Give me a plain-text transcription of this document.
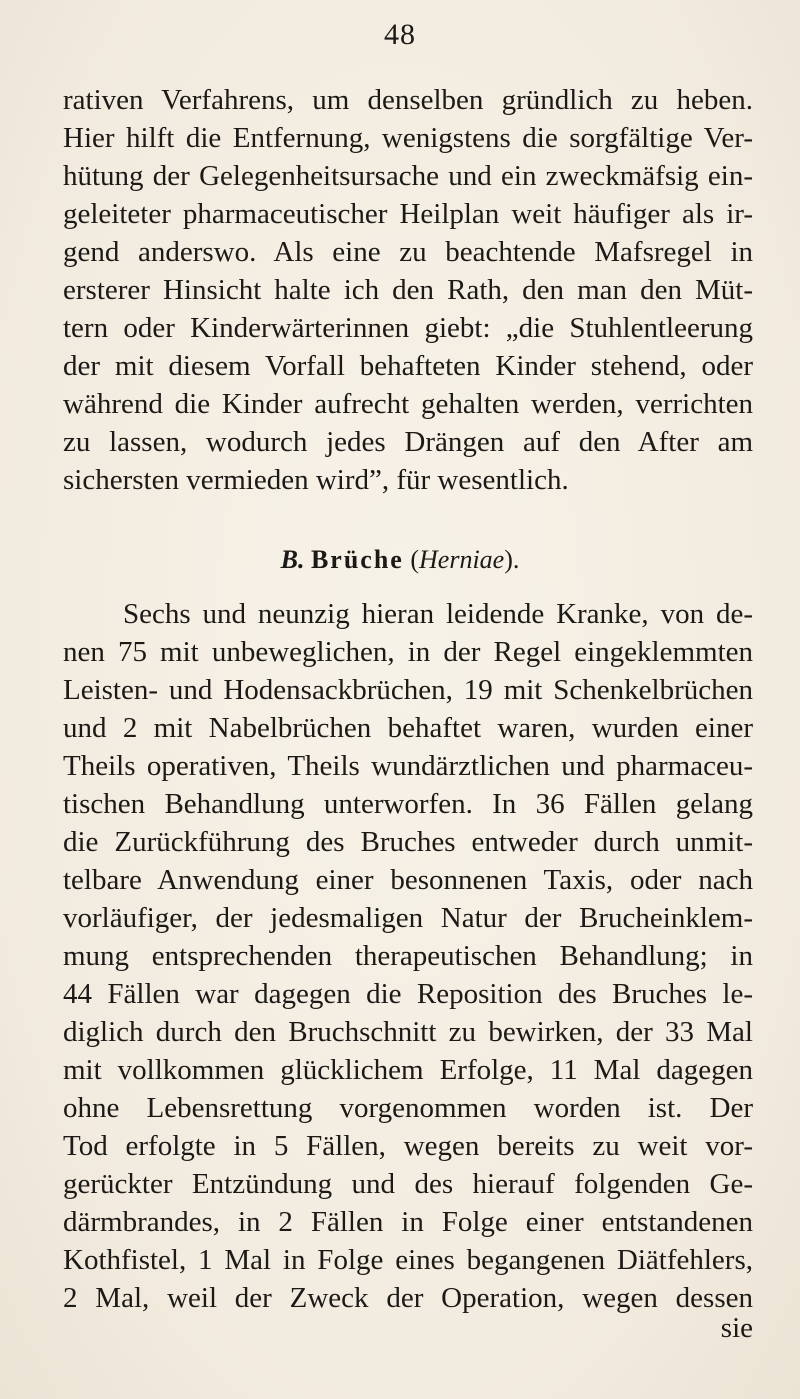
48
rativen Verfahrens, um denselben gründlich zu heben.
Hier hilft die Entfernung, wenigstens die sorgfältige Ver-
hütung der Gelegenheitsursache und ein zweckmäfsig ein-
geleiteter pharmaceutischer Heilplan weit häufiger als ir-
gend anderswo. Als eine zu beachtende Mafsregel in
ersterer Hinsicht halte ich den Rath, den man den Müt-
tern oder Kinderwärterinnen giebt: „die Stuhlentleerung
der mit diesem Vorfall behafteten Kinder stehend, oder
während die Kinder aufrecht gehalten werden, verrichten
zu lassen, wodurch jedes Drängen auf den After am
sichersten vermieden wird”, für wesentlich.
B. Brüche (Herniae).
Sechs und neunzig hieran leidende Kranke, von de-
nen 75 mit unbeweglichen, in der Regel eingeklemmten
Leisten- und Hodensackbrüchen, 19 mit Schenkelbrüchen
und 2 mit Nabelbrüchen behaftet waren, wurden einer
Theils operativen, Theils wundärztlichen und pharmaceu-
tischen Behandlung unterworfen. In 36 Fällen gelang
die Zurückführung des Bruches entweder durch unmit-
telbare Anwendung einer besonnenen Taxis, oder nach
vorläufiger, der jedesmaligen Natur der Brucheinklem-
mung entsprechenden therapeutischen Behandlung; in
44 Fällen war dagegen die Reposition des Bruches le-
diglich durch den Bruchschnitt zu bewirken, der 33 Mal
mit vollkommen glücklichem Erfolge, 11 Mal dagegen
ohne Lebensrettung vorgenommen worden ist. Der
Tod erfolgte in 5 Fällen, wegen bereits zu weit vor-
gerückter Entzündung und des hierauf folgenden Ge-
därmbrandes, in 2 Fällen in Folge einer entstandenen
Kothfistel, 1 Mal in Folge eines begangenen Diätfehlers,
2 Mal, weil der Zweck der Operation, wegen dessen
sie
